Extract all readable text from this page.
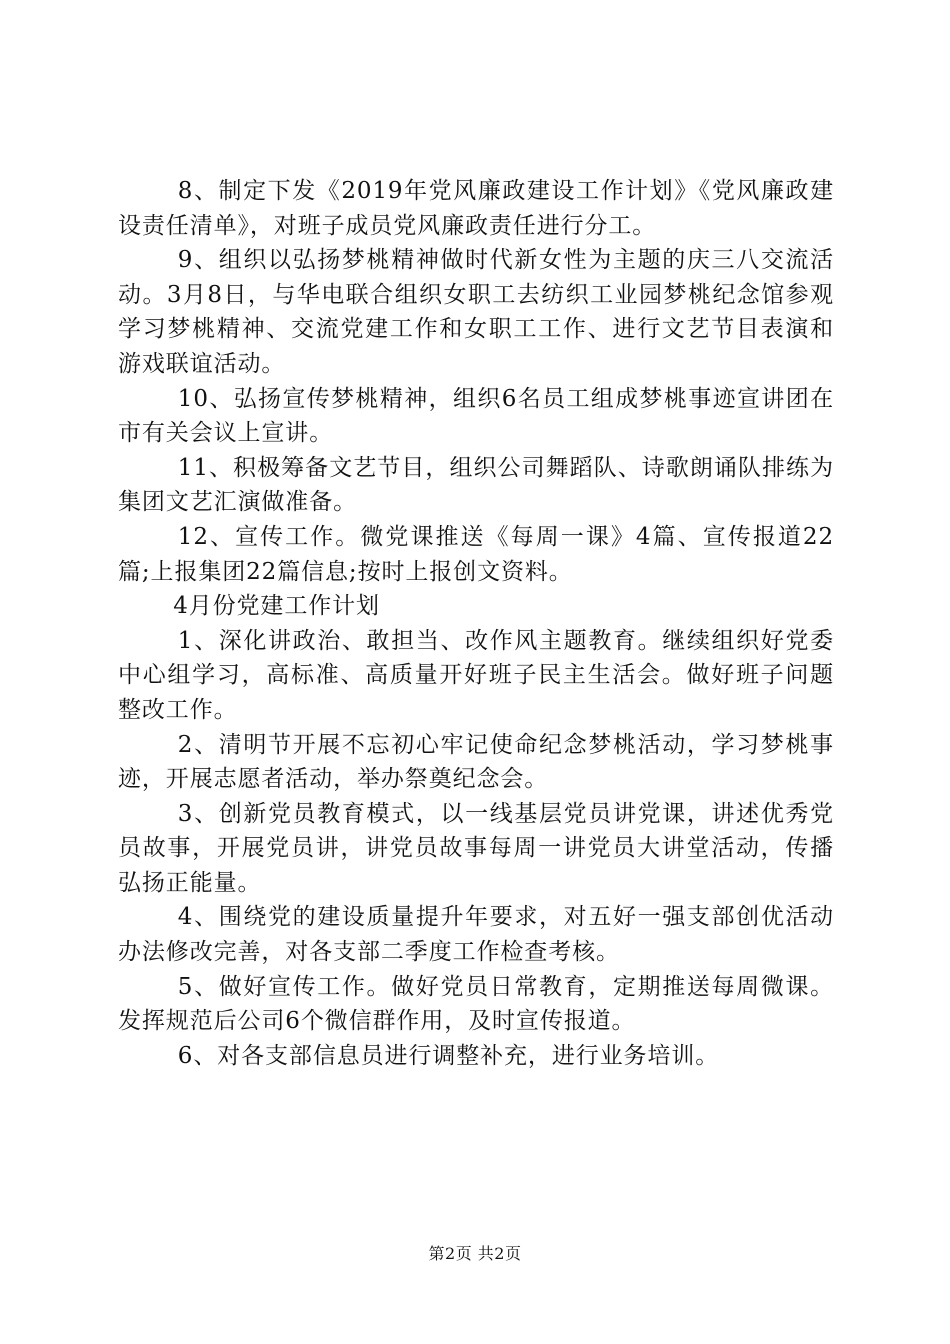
8、制定下发《2019年党风廉政建设工作计划》《党风廉政建设责任清单》，对班子成员党风廉政责任进行分工。

9、组织以弘扬梦桃精神做时代新女性为主题的庆三八交流活动。3月8日，与华电联合组织女职工去纺织工业园梦桃纪念馆参观学习梦桃精神、交流党建工作和女职工工作、进行文艺节目表演和游戏联谊活动。

10、弘扬宣传梦桃精神，组织6名员工组成梦桃事迹宣讲团在市有关会议上宣讲。

11、积极筹备文艺节目，组织公司舞蹈队、诗歌朗诵队排练为集团文艺汇演做准备。

12、宣传工作。微党课推送《每周一课》4篇、宣传报道22篇;上报集团22篇信息;按时上报创文资料。

4月份党建工作计划

1、深化讲政治、敢担当、改作风主题教育。继续组织好党委中心组学习，高标准、高质量开好班子民主生活会。做好班子问题整改工作。

2、清明节开展不忘初心牢记使命纪念梦桃活动，学习梦桃事迹，开展志愿者活动，举办祭奠纪念会。

3、创新党员教育模式，以一线基层党员讲党课，讲述优秀党员故事，开展党员讲，讲党员故事每周一讲党员大讲堂活动，传播弘扬正能量。

4、围绕党的建设质量提升年要求，对五好一强支部创优活动办法修改完善，对各支部二季度工作检查考核。

5、做好宣传工作。做好党员日常教育，定期推送每周微课。发挥规范后公司6个微信群作用，及时宣传报道。

6、对各支部信息员进行调整补充，进行业务培训。

第2页 共2页
